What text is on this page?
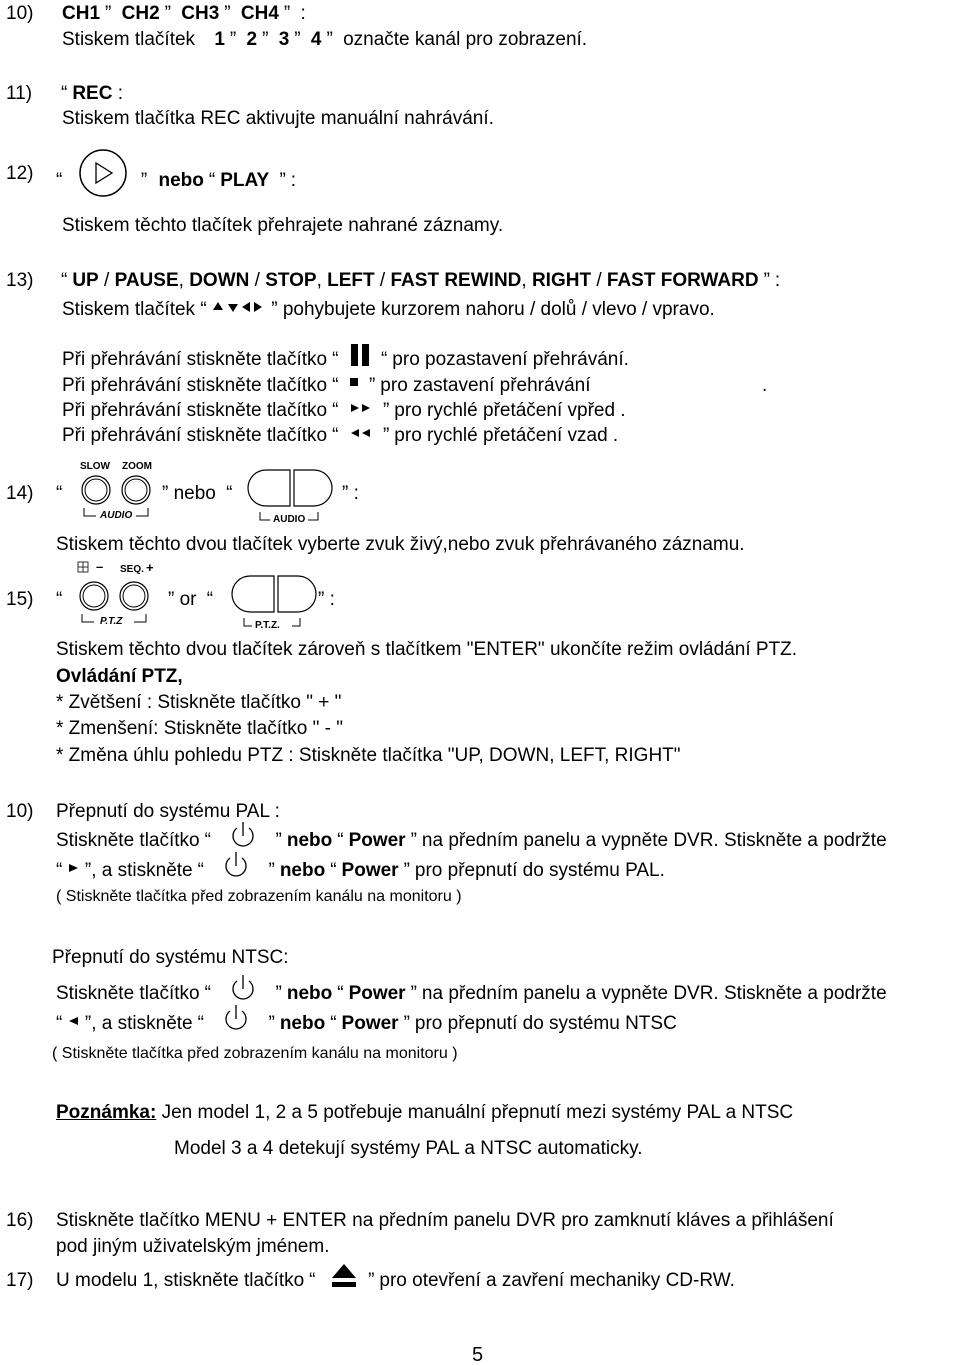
10) CH1 ” CH2 ” CH3 ” CH4 ” :
Stiskem tlačítek 1 ” 2 ” 3 ” 4 ” označte kanál pro zobrazení.
11) “ REC :
Stiskem tlačítka REC aktivujte manuální nahrávání.
12) “	” nebo “ PLAY ” :
Stiskem těchto tlačítek přehrajete nahrané záznamy.
13) “ UP / PAUSE, DOWN / STOP, LEFT / FAST REWIND, RIGHT / FAST FORWARD ” :
Stiskem tlačítek “	” pohybujete kurzorem nahoru / dolů / vlevo / vpravo.
Při přehrávání stiskněte tlačítko “ “ pro pozastavení přehrávání.
Při přehrávání stiskněte tlačítko “ ” pro zastavení přehrávání	.
Při přehrávání stiskněte tlačítko “ ” pro rychlé přetáčení vpřed .
Při přehrávání stiskněte tlačítko “ ” pro rychlé přetáčení vzad .
SLOW ZOOM
AUDIO
14) “	” nebo “
AUDIO
” :
Stiskem těchto dvou tlačítek vyberte zvuk živý,nebo zvuk přehrávaného záznamu.
– SEQ. +
P.T.Z
15) “	” or “
P.T.Z.
” :
Stiskem těchto dvou tlačítek zároveň s tlačítkem "ENTER" ukončíte režim ovládání PTZ.
Ovládání PTZ,
* Zvětšení : Stiskněte tlačítko " + "
* Zmenšení: Stiskněte tlačítko " - "
* Změna úhlu pohledu PTZ : Stiskněte tlačítka "UP, DOWN, LEFT, RIGHT"
10) Přepnutí do systému PAL :
Stiskněte tlačítko “	” nebo “ Power ” na předním panelu a vypněte DVR. Stiskněte a podržte
“ ”, a stiskněte “	” nebo “ Power ” pro přepnutí do systému PAL.
( Stiskněte tlačítka před zobrazením kanálu na monitoru )
Přepnutí do systému NTSC:
Stiskněte tlačítko “	” nebo “ Power ” na předním panelu a vypněte DVR. Stiskněte a podržte
“ ”, a stiskněte “	” nebo “ Power ” pro přepnutí do systému NTSC
( Stiskněte tlačítka před zobrazením kanálu na monitoru )
Poznámka: Jen model 1, 2 a 5 potřebuje manuální přepnutí mezi systémy PAL a NTSC
Model 3 a 4 detekují systémy PAL a NTSC automaticky.
16) Stiskněte tlačítko MENU + ENTER na předním panelu DVR pro zamknutí kláves a přihlášení
pod jiným uživatelským jménem.
17) U modelu 1, stiskněte tlačítko “	” pro otevření a zavření mechaniky CD-RW.
5
